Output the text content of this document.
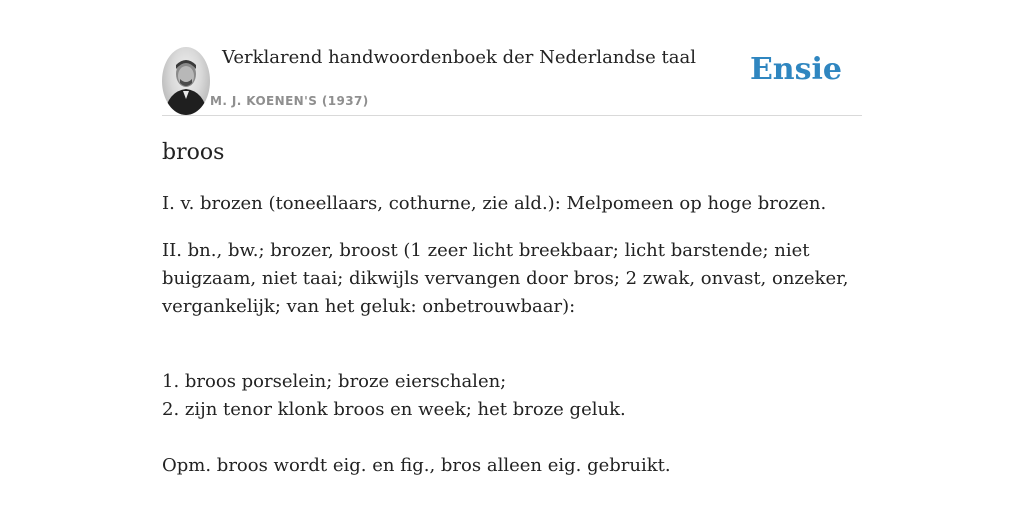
Verklarend handwoordenboek der Nederlandse taal
M. J. KOENEN'S (1937)
Ensie
broos

I. v. brozen (toneellaars, cothurne, zie ald.): Melpomeen op hoge brozen.

II. bn., bw.; brozer, broost (1 zeer licht breekbaar; licht barstende; niet buigzaam, niet taai; dikwijls vervangen door bros; 2 zwak, onvast, onzeker, vergankelijk; van het geluk: onbetrouwbaar):

1. broos porselein; broze eierschalen;
2. zijn tenor klonk broos en week; het broze geluk.

Opm. broos wordt eig. en fig., bros alleen eig. gebruikt.
